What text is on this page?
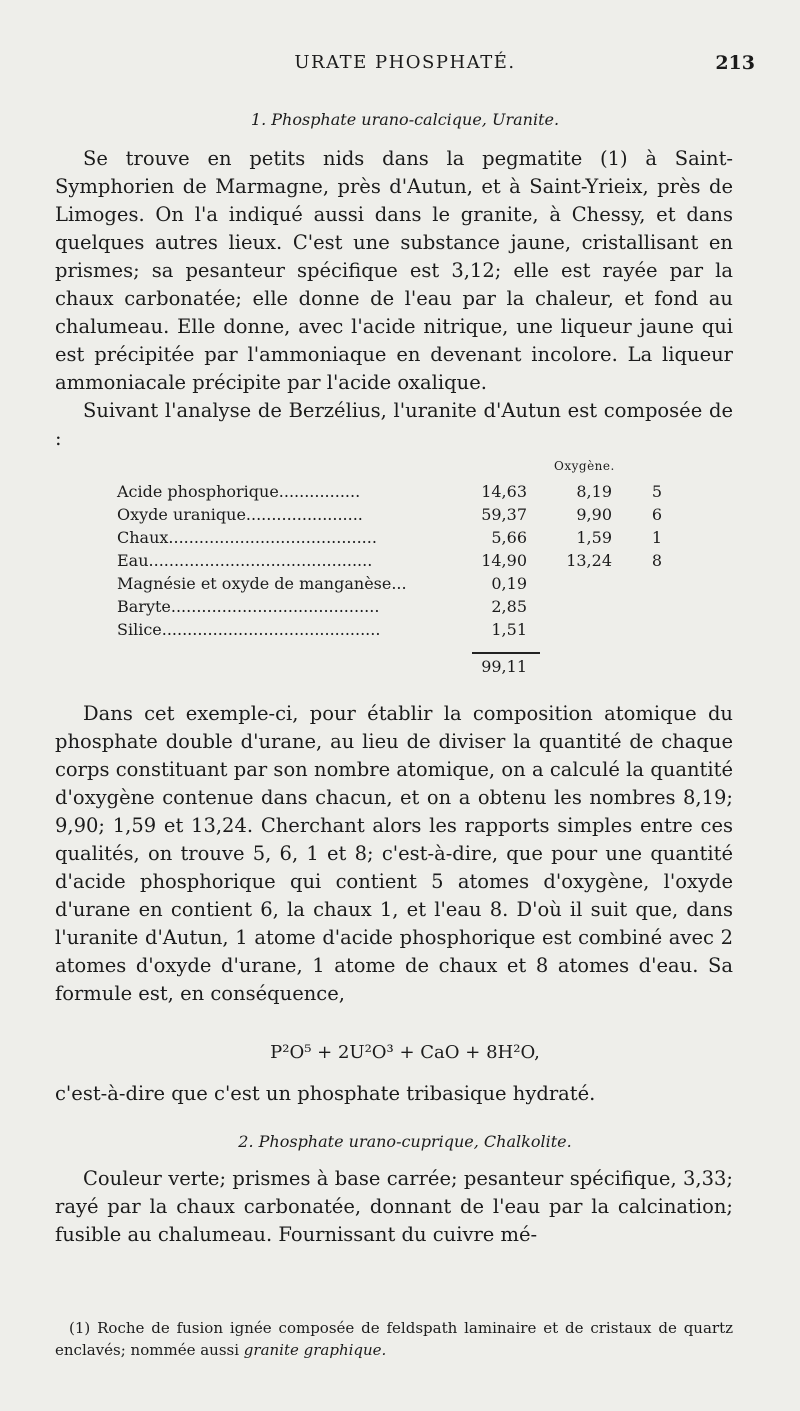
URATE PHOSPHATÉ.	213
1. Phosphate urano-calcique, Uranite.

Se trouve en petits nids dans la pegmatite (1) à Saint-Symphorien de Marmagne, près d'Autun, et à Saint-Yrieix, près de Limoges. On l'a indiqué aussi dans le granite, à Chessy, et dans quelques autres lieux. C'est une substance jaune, cristallisant en prismes; sa pesanteur spécifique est 3,12; elle est rayée par la chaux carbonatée; elle donne de l'eau par la chaleur, et fond au chalumeau. Elle donne, avec l'acide nitrique, une liqueur jaune qui est précipitée par l'ammoniaque en devenant incolore. La liqueur ammoniacale précipite par l'acide oxalique.

Suivant l'analyse de Berzélius, l'uranite d'Autun est composée de :

Oxygène.
Acide phosphorique................	14,63	8,19	5
Oxyde uranique.......................	59,37	9,90	6
Chaux.........................................	5,66	1,59	1
Eau............................................	14,90	13,24	8
Magnésie et oxyde de manganèse...	0,19
Baryte.........................................	2,85
Silice...........................................	1,51
99,11

Dans cet exemple-ci, pour établir la composition atomique du phosphate double d'urane, au lieu de diviser la quantité de chaque corps constituant par son nombre atomique, on a calculé la quantité d'oxygène contenue dans chacun, et on a obtenu les nombres 8,19; 9,90; 1,59 et 13,24. Cherchant alors les rapports simples entre ces qualités, on trouve 5, 6, 1 et 8; c'est-à-dire, que pour une quantité d'acide phosphorique qui contient 5 atomes d'oxygène, l'oxyde d'urane en contient 6, la chaux 1, et l'eau 8. D'où il suit que, dans l'uranite d'Autun, 1 atome d'acide phosphorique est combiné avec 2 atomes d'oxyde d'urane, 1 atome de chaux et 8 atomes d'eau. Sa formule est, en conséquence,

P²O⁵ + 2U²O³ + CaO + 8H²O,

c'est-à-dire que c'est un phosphate tribasique hydraté.

2. Phosphate urano-cuprique, Chalkolite.

Couleur verte; prismes à base carrée; pesanteur spécifique, 3,33; rayé par la chaux carbonatée, donnant de l'eau par la calcination; fusible au chalumeau. Fournissant du cuivre mé-

(1) Roche de fusion ignée composée de feldspath laminaire et de cristaux de quartz enclavés; nommée aussi granite graphique.
